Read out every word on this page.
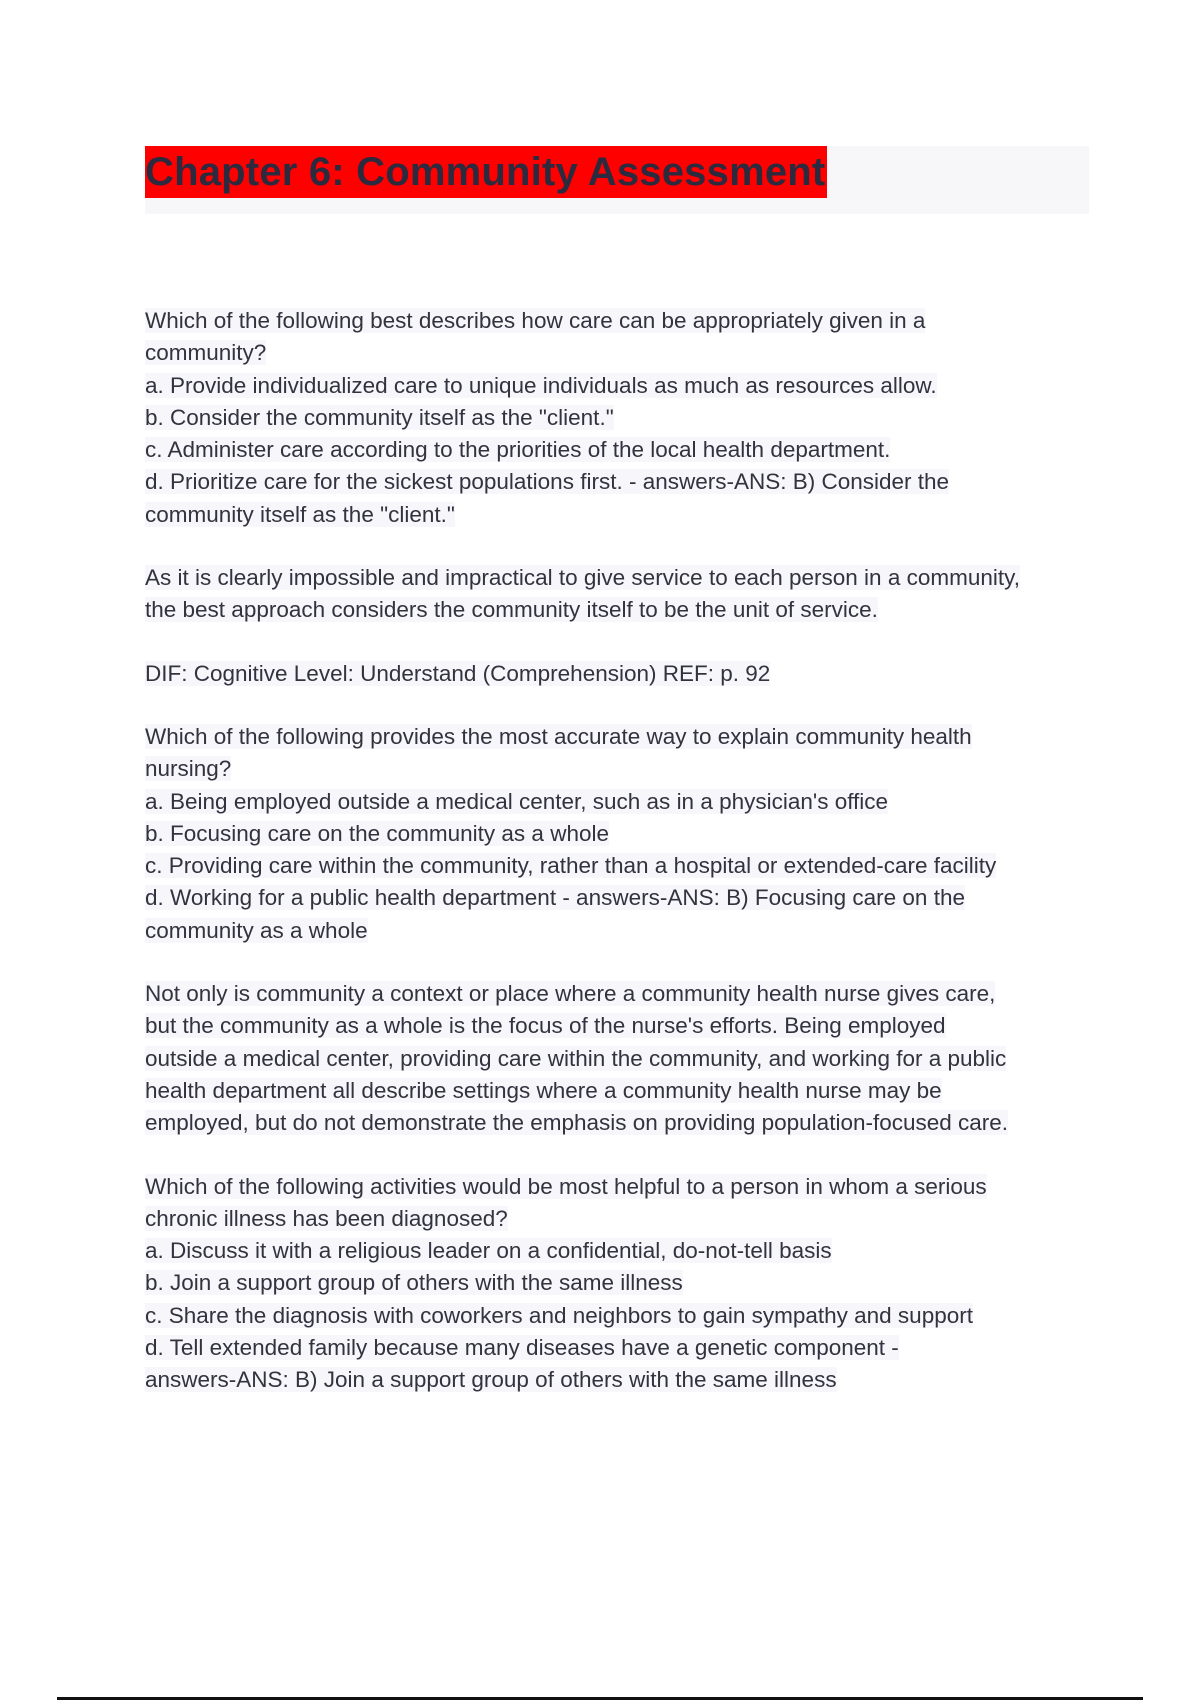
Chapter 6: Community Assessment
Which of the following best describes how care can be appropriately given in a
community?
a. Provide individualized care to unique individuals as much as resources allow.
b. Consider the community itself as the "client."
c. Administer care according to the priorities of the local health department.
d. Prioritize care for the sickest populations first. - answers-ANS: B) Consider the
community itself as the "client."
As it is clearly impossible and impractical to give service to each person in a community,
the best approach considers the community itself to be the unit of service.
DIF: Cognitive Level: Understand (Comprehension) REF: p. 92
Which of the following provides the most accurate way to explain community health
nursing?
a. Being employed outside a medical center, such as in a physician's office
b. Focusing care on the community as a whole
c. Providing care within the community, rather than a hospital or extended-care facility
d. Working for a public health department - answers-ANS: B) Focusing care on the
community as a whole
Not only is community a context or place where a community health nurse gives care,
but the community as a whole is the focus of the nurse's efforts. Being employed
outside a medical center, providing care within the community, and working for a public
health department all describe settings where a community health nurse may be
employed, but do not demonstrate the emphasis on providing population-focused care.
Which of the following activities would be most helpful to a person in whom a serious
chronic illness has been diagnosed?
a. Discuss it with a religious leader on a confidential, do-not-tell basis
b. Join a support group of others with the same illness
c. Share the diagnosis with coworkers and neighbors to gain sympathy and support
d. Tell extended family because many diseases have a genetic component -
answers-ANS: B) Join a support group of others with the same illness
